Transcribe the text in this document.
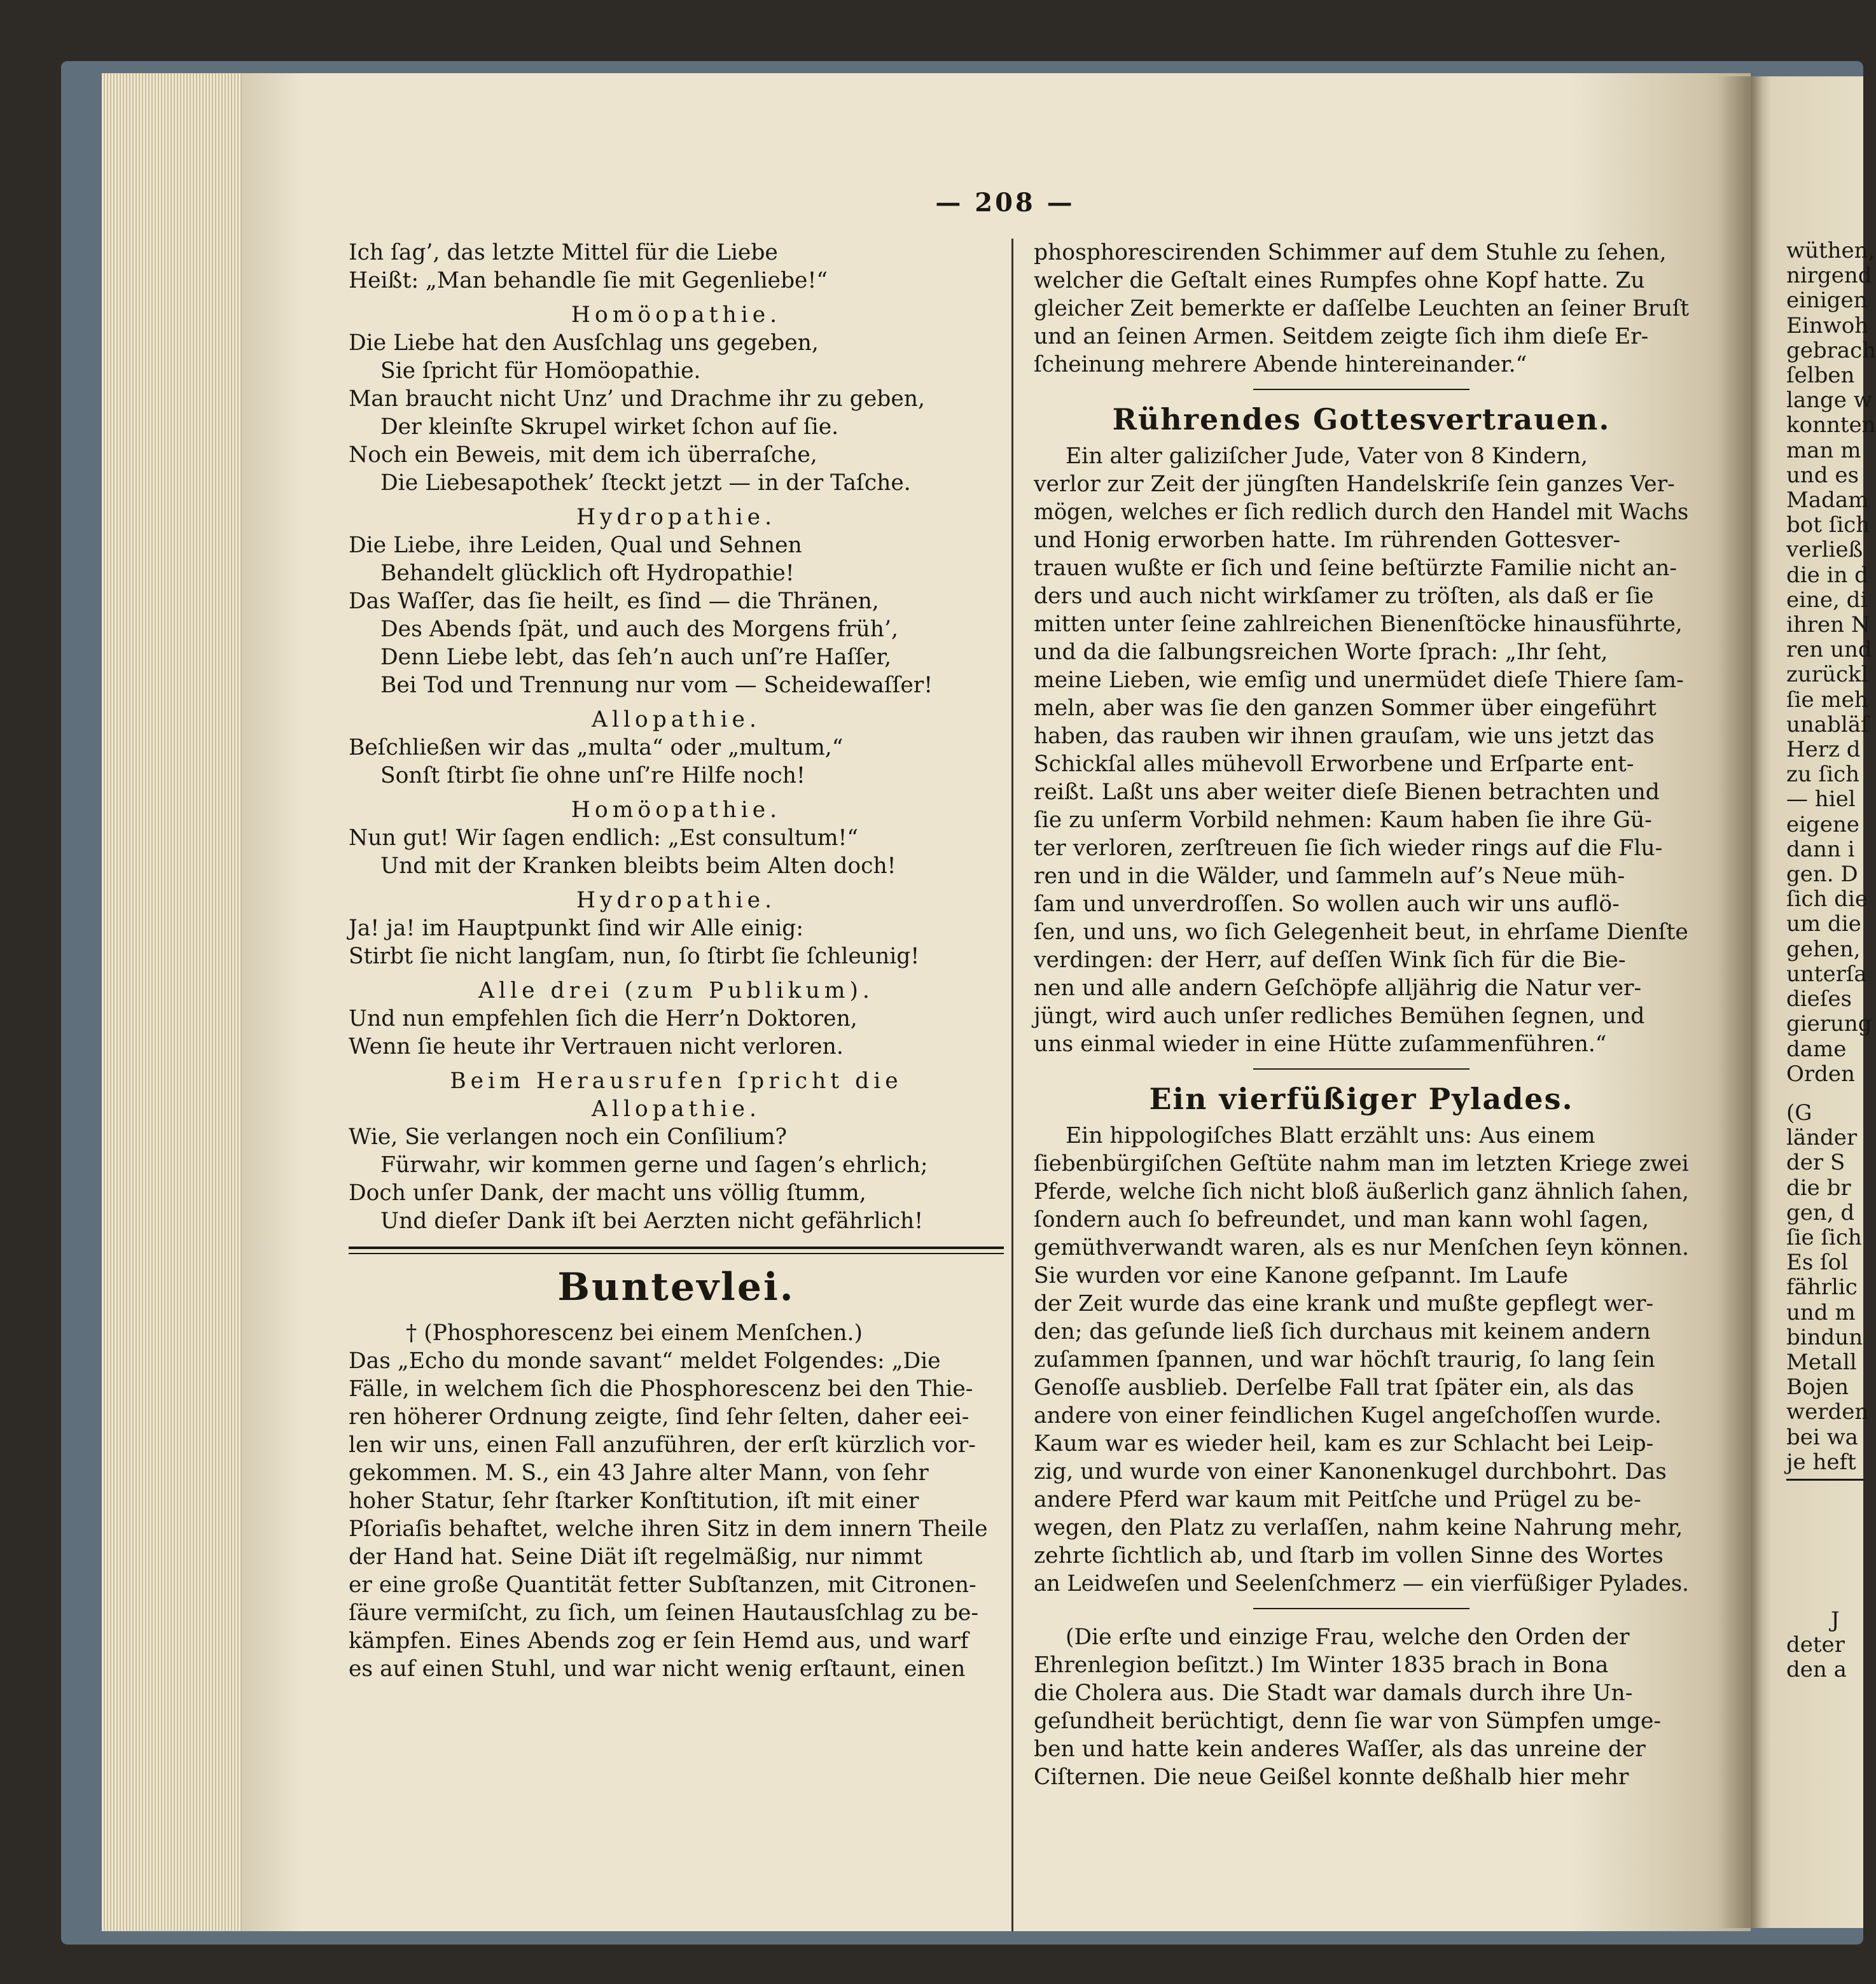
— 208 —

Ich ſag’, das letzte Mittel für die Liebe

Heißt: „Man behandle ſie mit Gegenliebe!“

Homöopathie.

Die Liebe hat den Ausſchlag uns gegeben,

Sie ſpricht für Homöopathie.

Man braucht nicht Unz’ und Drachme ihr zu geben,

Der kleinſte Skrupel wirket ſchon auf ſie.

Noch ein Beweis, mit dem ich überraſche,

Die Liebesapothek’ ſteckt jetzt — in der Taſche.

Hydropathie.

Die Liebe, ihre Leiden, Qual und Sehnen

Behandelt glücklich oft Hydropathie!

Das Waſſer, das ſie heilt, es ſind — die Thränen,

Des Abends ſpät, und auch des Morgens früh’,

Denn Liebe lebt, das ſeh’n auch unſ’re Haſſer,

Bei Tod und Trennung nur vom — Scheidewaſſer!

Allopathie.

Beſchließen wir das „multa“ oder „multum,“

Sonſt ſtirbt ſie ohne unſ’re Hilfe noch!

Homöopathie.

Nun gut! Wir ſagen endlich: „Est consultum!“

Und mit der Kranken bleibts beim Alten doch!

Hydropathie.

Ja! ja! im Hauptpunkt ſind wir Alle einig:

Stirbt ſie nicht langſam, nun, ſo ſtirbt ſie ſchleunig!

Alle drei (zum Publikum).

Und nun empfehlen ſich die Herr’n Doktoren,

Wenn ſie heute ihr Vertrauen nicht verloren.

Beim Herausrufen ſpricht die

Allopathie.

Wie, Sie verlangen noch ein Conſilium?

Fürwahr, wir kommen gerne und ſagen’s ehrlich;

Doch unſer Dank, der macht uns völlig ſtumm,

Und dieſer Dank iſt bei Aerzten nicht gefährlich!

Buntevlei.

† (Phosphorescenz bei einem Menſchen.)

Das „Echo du monde savant“ meldet Folgendes: „Die

Fälle, in welchem ſich die Phosphorescenz bei den Thie-

ren höherer Ordnung zeigte, ſind ſehr ſelten, daher eei-

len wir uns, einen Fall anzuführen, der erſt kürzlich vor-

gekommen. M. S., ein 43 Jahre alter Mann, von ſehr

hoher Statur, ſehr ſtarker Konſtitution, iſt mit einer

Pſoriaſis behaftet, welche ihren Sitz in dem innern Theile

der Hand hat. Seine Diät iſt regelmäßig, nur nimmt

er eine große Quantität fetter Subſtanzen, mit Citronen-

ſäure vermiſcht, zu ſich, um ſeinen Hautausſchlag zu be-

kämpfen. Eines Abends zog er ſein Hemd aus, und warf

es auf einen Stuhl, und war nicht wenig erſtaunt, einen

phosphorescirenden Schimmer auf dem Stuhle zu ſehen,

welcher die Geſtalt eines Rumpfes ohne Kopf hatte. Zu

gleicher Zeit bemerkte er daſſelbe Leuchten an ſeiner Bruſt

und an ſeinen Armen. Seitdem zeigte ſich ihm dieſe Er-

ſcheinung mehrere Abende hintereinander.“

Rührendes Gottesvertrauen.

Ein alter galiziſcher Jude, Vater von 8 Kindern,

verlor zur Zeit der jüngſten Handelskriſe ſein ganzes Ver-

mögen, welches er ſich redlich durch den Handel mit Wachs

und Honig erworben hatte. Im rührenden Gottesver-

trauen wußte er ſich und ſeine beſtürzte Familie nicht an-

ders und auch nicht wirkſamer zu tröſten, als daß er ſie

mitten unter ſeine zahlreichen Bienenſtöcke hinausführte,

und da die ſalbungsreichen Worte ſprach: „Ihr ſeht,

meine Lieben, wie emſig und unermüdet dieſe Thiere ſam-

meln, aber was ſie den ganzen Sommer über eingeführt

haben, das rauben wir ihnen grauſam, wie uns jetzt das

Schickſal alles mühevoll Erworbene und Erſparte ent-

reißt. Laßt uns aber weiter dieſe Bienen betrachten und

ſie zu unſerm Vorbild nehmen: Kaum haben ſie ihre Gü-

ter verloren, zerſtreuen ſie ſich wieder rings auf die Flu-

ren und in die Wälder, und ſammeln auf’s Neue müh-

ſam und unverdroſſen. So wollen auch wir uns auflö-

ſen, und uns, wo ſich Gelegenheit beut, in ehrſame Dienſte

verdingen: der Herr, auf deſſen Wink ſich für die Bie-

nen und alle andern Geſchöpfe alljährig die Natur ver-

jüngt, wird auch unſer redliches Bemühen ſegnen, und

uns einmal wieder in eine Hütte zuſammenführen.“

Ein vierfüßiger Pylades.

Ein hippologiſches Blatt erzählt uns: Aus einem

ſiebenbürgiſchen Geſtüte nahm man im letzten Kriege zwei

Pferde, welche ſich nicht bloß äußerlich ganz ähnlich ſahen,

ſondern auch ſo befreundet, und man kann wohl ſagen,

gemüthverwandt waren, als es nur Menſchen ſeyn können.

Sie wurden vor eine Kanone geſpannt. Im Laufe

der Zeit wurde das eine krank und mußte gepflegt wer-

den; das geſunde ließ ſich durchaus mit keinem andern

zuſammen ſpannen, und war höchſt traurig, ſo lang ſein

Genoſſe ausblieb. Derſelbe Fall trat ſpäter ein, als das

andere von einer feindlichen Kugel angeſchoſſen wurde.

Kaum war es wieder heil, kam es zur Schlacht bei Leip-

zig, und wurde von einer Kanonenkugel durchbohrt. Das

andere Pferd war kaum mit Peitſche und Prügel zu be-

wegen, den Platz zu verlaſſen, nahm keine Nahrung mehr,

zehrte ſichtlich ab, und ſtarb im vollen Sinne des Wortes

an Leidweſen und Seelenſchmerz — ein vierfüßiger Pylades.

(Die erſte und einzige Frau, welche den Orden der

Ehrenlegion beſitzt.) Im Winter 1835 brach in Bona

die Cholera aus. Die Stadt war damals durch ihre Un-

geſundheit berüchtigt, denn ſie war von Sümpfen umge-

ben und hatte kein anderes Waſſer, als das unreine der

Ciſternen. Die neue Geißel konnte deßhalb hier mehr

wüthen,

nirgend

einigen

Einwoh

gebrach

ſelben

lange w

konnten

man m

und es

Madam

bot ſich

verließ

die in d

eine, di

ihren N

ren und

zurückl

ſie meh

unabläſ

Herz d

zu ſich

— hiel

eigene

dann i

gen. D

ſich die

um die

gehen,

unterſa

dieſes

gierung

dame

Orden

(G

länder

der S

die br

gen, d

ſie ſich

Es ſol

fährlic

und m

bindun

Metall

Bojen

werden

bei wa

je heft

J

deter

den a
